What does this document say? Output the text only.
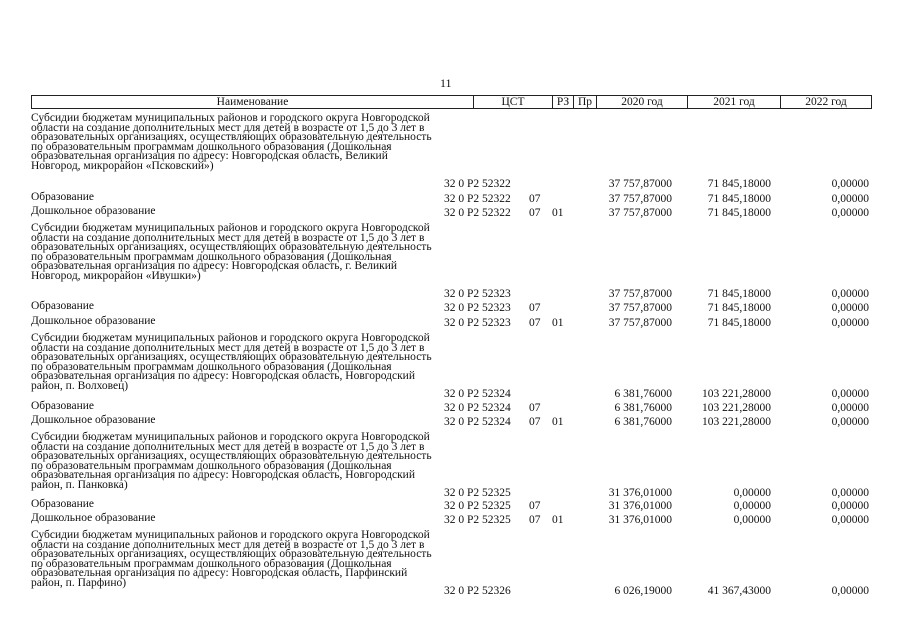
11
Наименование	ЦСТ	РЗ Пр	2020 год	2021 год	2022 год
Субсидии бюджетам муниципальных районов и городского округа Новгородской области на создание дополнительных мест для детей в возрасте от 1,5 до 3 лет в образовательных организациях, осуществляющих образовательную деятельность по образовательным программам дошкольного образования (Дошкольная образовательная организация по адресу: Новгородская область, Великий Новгород, микрорайон «Псковский»)
32 0 P2 52322	37 757,87000	71 845,18000	0,00000
Образование	32 0 P2 52322 07	37 757,87000	71 845,18000	0,00000
Дошкольное образование	32 0 P2 52322 07 01	37 757,87000	71 845,18000	0,00000
Субсидии бюджетам муниципальных районов и городского округа Новгородской области на создание дополнительных мест для детей в возрасте от 1,5 до 3 лет в образовательных организациях, осуществляющих образовательную деятельность по образовательным программам дошкольного образования (Дошкольная образовательная организация по адресу: Новгородская область, г. Великий Новгород, микрорайон «Ивушки»)
32 0 P2 52323	37 757,87000	71 845,18000	0,00000
Образование	32 0 P2 52323 07	37 757,87000	71 845,18000	0,00000
Дошкольное образование	32 0 P2 52323 07 01	37 757,87000	71 845,18000	0,00000
Субсидии бюджетам муниципальных районов и городского округа Новгородской области на создание дополнительных мест для детей в возрасте от 1,5 до 3 лет в образовательных организациях, осуществляющих образовательную деятельность по образовательным программам дошкольного образования (Дошкольная образовательная организация по адресу: Новгородская область, Новгородский район, п. Волховец)
32 0 P2 52324	6 381,76000	103 221,28000	0,00000
Образование	32 0 P2 52324 07	6 381,76000	103 221,28000	0,00000
Дошкольное образование	32 0 P2 52324 07 01	6 381,76000	103 221,28000	0,00000
Субсидии бюджетам муниципальных районов и городского округа Новгородской области на создание дополнительных мест для детей в возрасте от 1,5 до 3 лет в образовательных организациях, осуществляющих образовательную деятельность по образовательным программам дошкольного образования (Дошкольная образовательная организация по адресу: Новгородская область, Новгородский район, п. Панковка)
32 0 P2 52325	31 376,01000	0,00000	0,00000
Образование	32 0 P2 52325 07	31 376,01000	0,00000	0,00000
Дошкольное образование	32 0 P2 52325 07 01	31 376,01000	0,00000	0,00000
Субсидии бюджетам муниципальных районов и городского округа Новгородской области на создание дополнительных мест для детей в возрасте от 1,5 до 3 лет в образовательных организациях, осуществляющих образовательную деятельность по образовательным программам дошкольного образования (Дошкольная образовательная организация по адресу: Новгородская область, Парфинский район, п. Парфино)
32 0 P2 52326	6 026,19000	41 367,43000	0,00000
